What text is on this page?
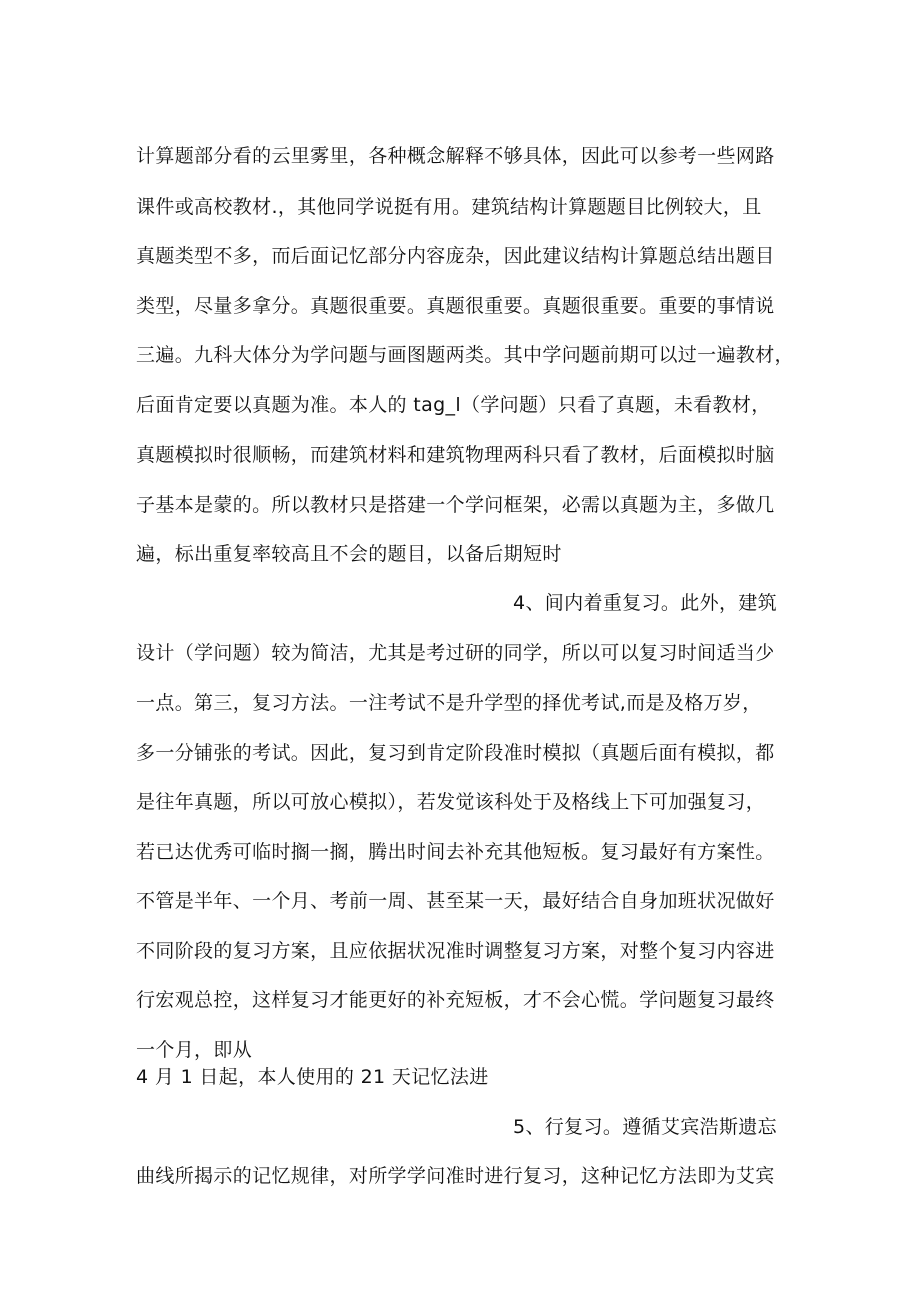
计算题部分看的云里雾里，各种概念解释不够具体，因此可以参考一些网路
课件或高校教材.，其他同学说挺有用。建筑结构计算题题目比例较大，且
真题类型不多，而后面记忆部分内容庞杂，因此建议结构计算题总结出题目
类型，尽量多拿分。真题很重要。真题很重要。真题很重要。重要的事情说
三遍。九科大体分为学问题与画图题两类。其中学问题前期可以过一遍教材，
后面肯定要以真题为准。本人的 tag_l（学问题）只看了真题，未看教材，
真题模拟时很顺畅，而建筑材料和建筑物理两科只看了教材，后面模拟时脑
子基本是蒙的。所以教材只是搭建一个学问框架，必需以真题为主，多做几
遍，标出重复率较高且不会的题目，以备后期短时
4、间内着重复习。此外，建筑
设计（学问题）较为简洁，尤其是考过研的同学，所以可以复习时间适当少
一点。第三，复习方法。一注考试不是升学型的择优考试,而是及格万岁，
多一分铺张的考试。因此，复习到肯定阶段准时模拟（真题后面有模拟，都
是往年真题，所以可放心模拟），若发觉该科处于及格线上下可加强复习，
若已达优秀可临时搁一搁，腾出时间去补充其他短板。复习最好有方案性。
不管是半年、一个月、考前一周、甚至某一天，最好结合自身加班状况做好
不同阶段的复习方案，且应依据状况准时调整复习方案，对整个复习内容进
行宏观总控，这样复习才能更好的补充短板，才不会心慌。学问题复习最终
一个月，即从
4 月 1 日起，本人使用的 21 天记忆法进
5、行复习。遵循艾宾浩斯遗忘
曲线所揭示的记忆规律，对所学学问准时进行复习，这种记忆方法即为艾宾
